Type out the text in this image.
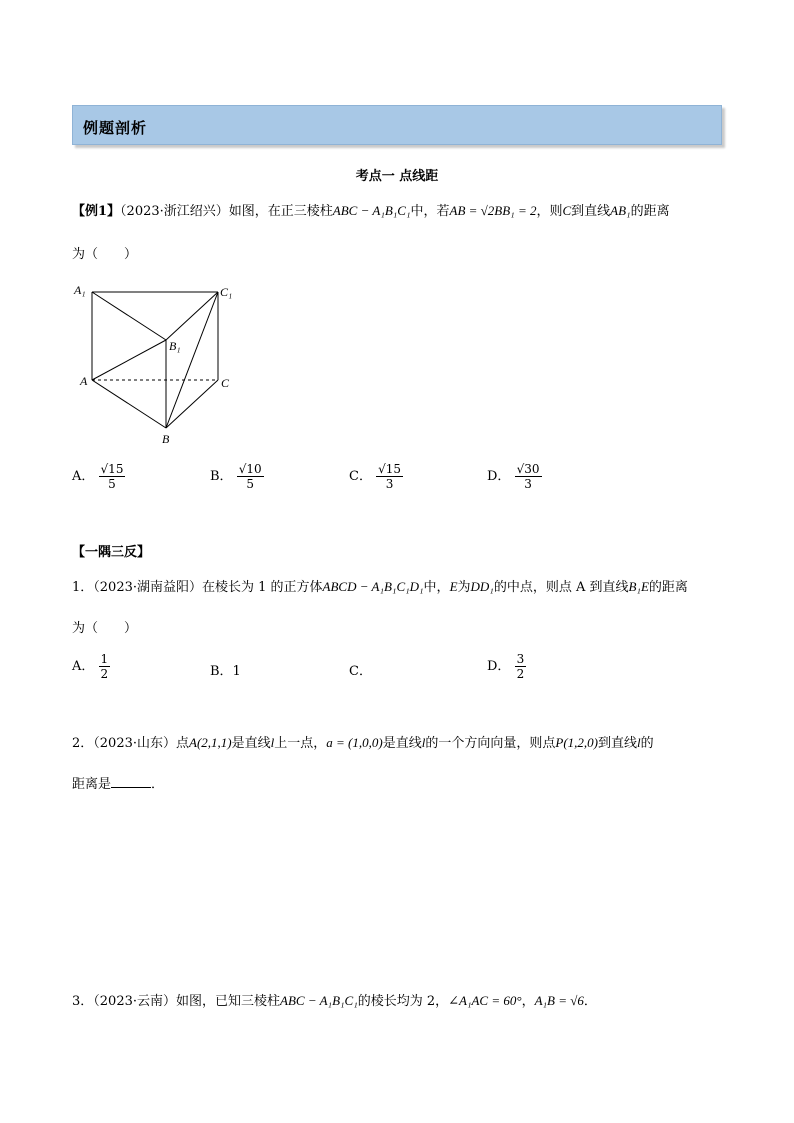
例题剖析
考点一 点线距
【例1】（2023·浙江绍兴）如图，在正三棱柱ABC − A₁B₁C₁中，若AB = √2BB₁ = 2，则C到直线AB₁的距离
为（　　）
A₁	C₁
B₁
A	C
B
A． $\frac{√15}{5}$	B． $\frac{√10}{5}$	C． $\frac{√15}{3}$	D． $\frac{√30}{3}$
【一隅三反】
1．（2023·湖南益阳）在棱长为 1 的正方体ABCD − A₁B₁C₁D₁中，E为DD₁的中点，则点 A 到直线B₁E的距离
为（　　）
A． $\frac{1}{2}$	B．1	C．	D． $\frac{3}{2}$
2．（2023·山东）点A(2,1,1)是直线l上一点，a = (1,0,0)是直线l的一个方向向量，则点P(1,2,0)到直线l的
距离是	．
3．（2023·云南）如图，已知三棱柱ABC − A₁B₁C₁的棱长均为 2，∠A₁AC = 60°，A₁B = √6．
